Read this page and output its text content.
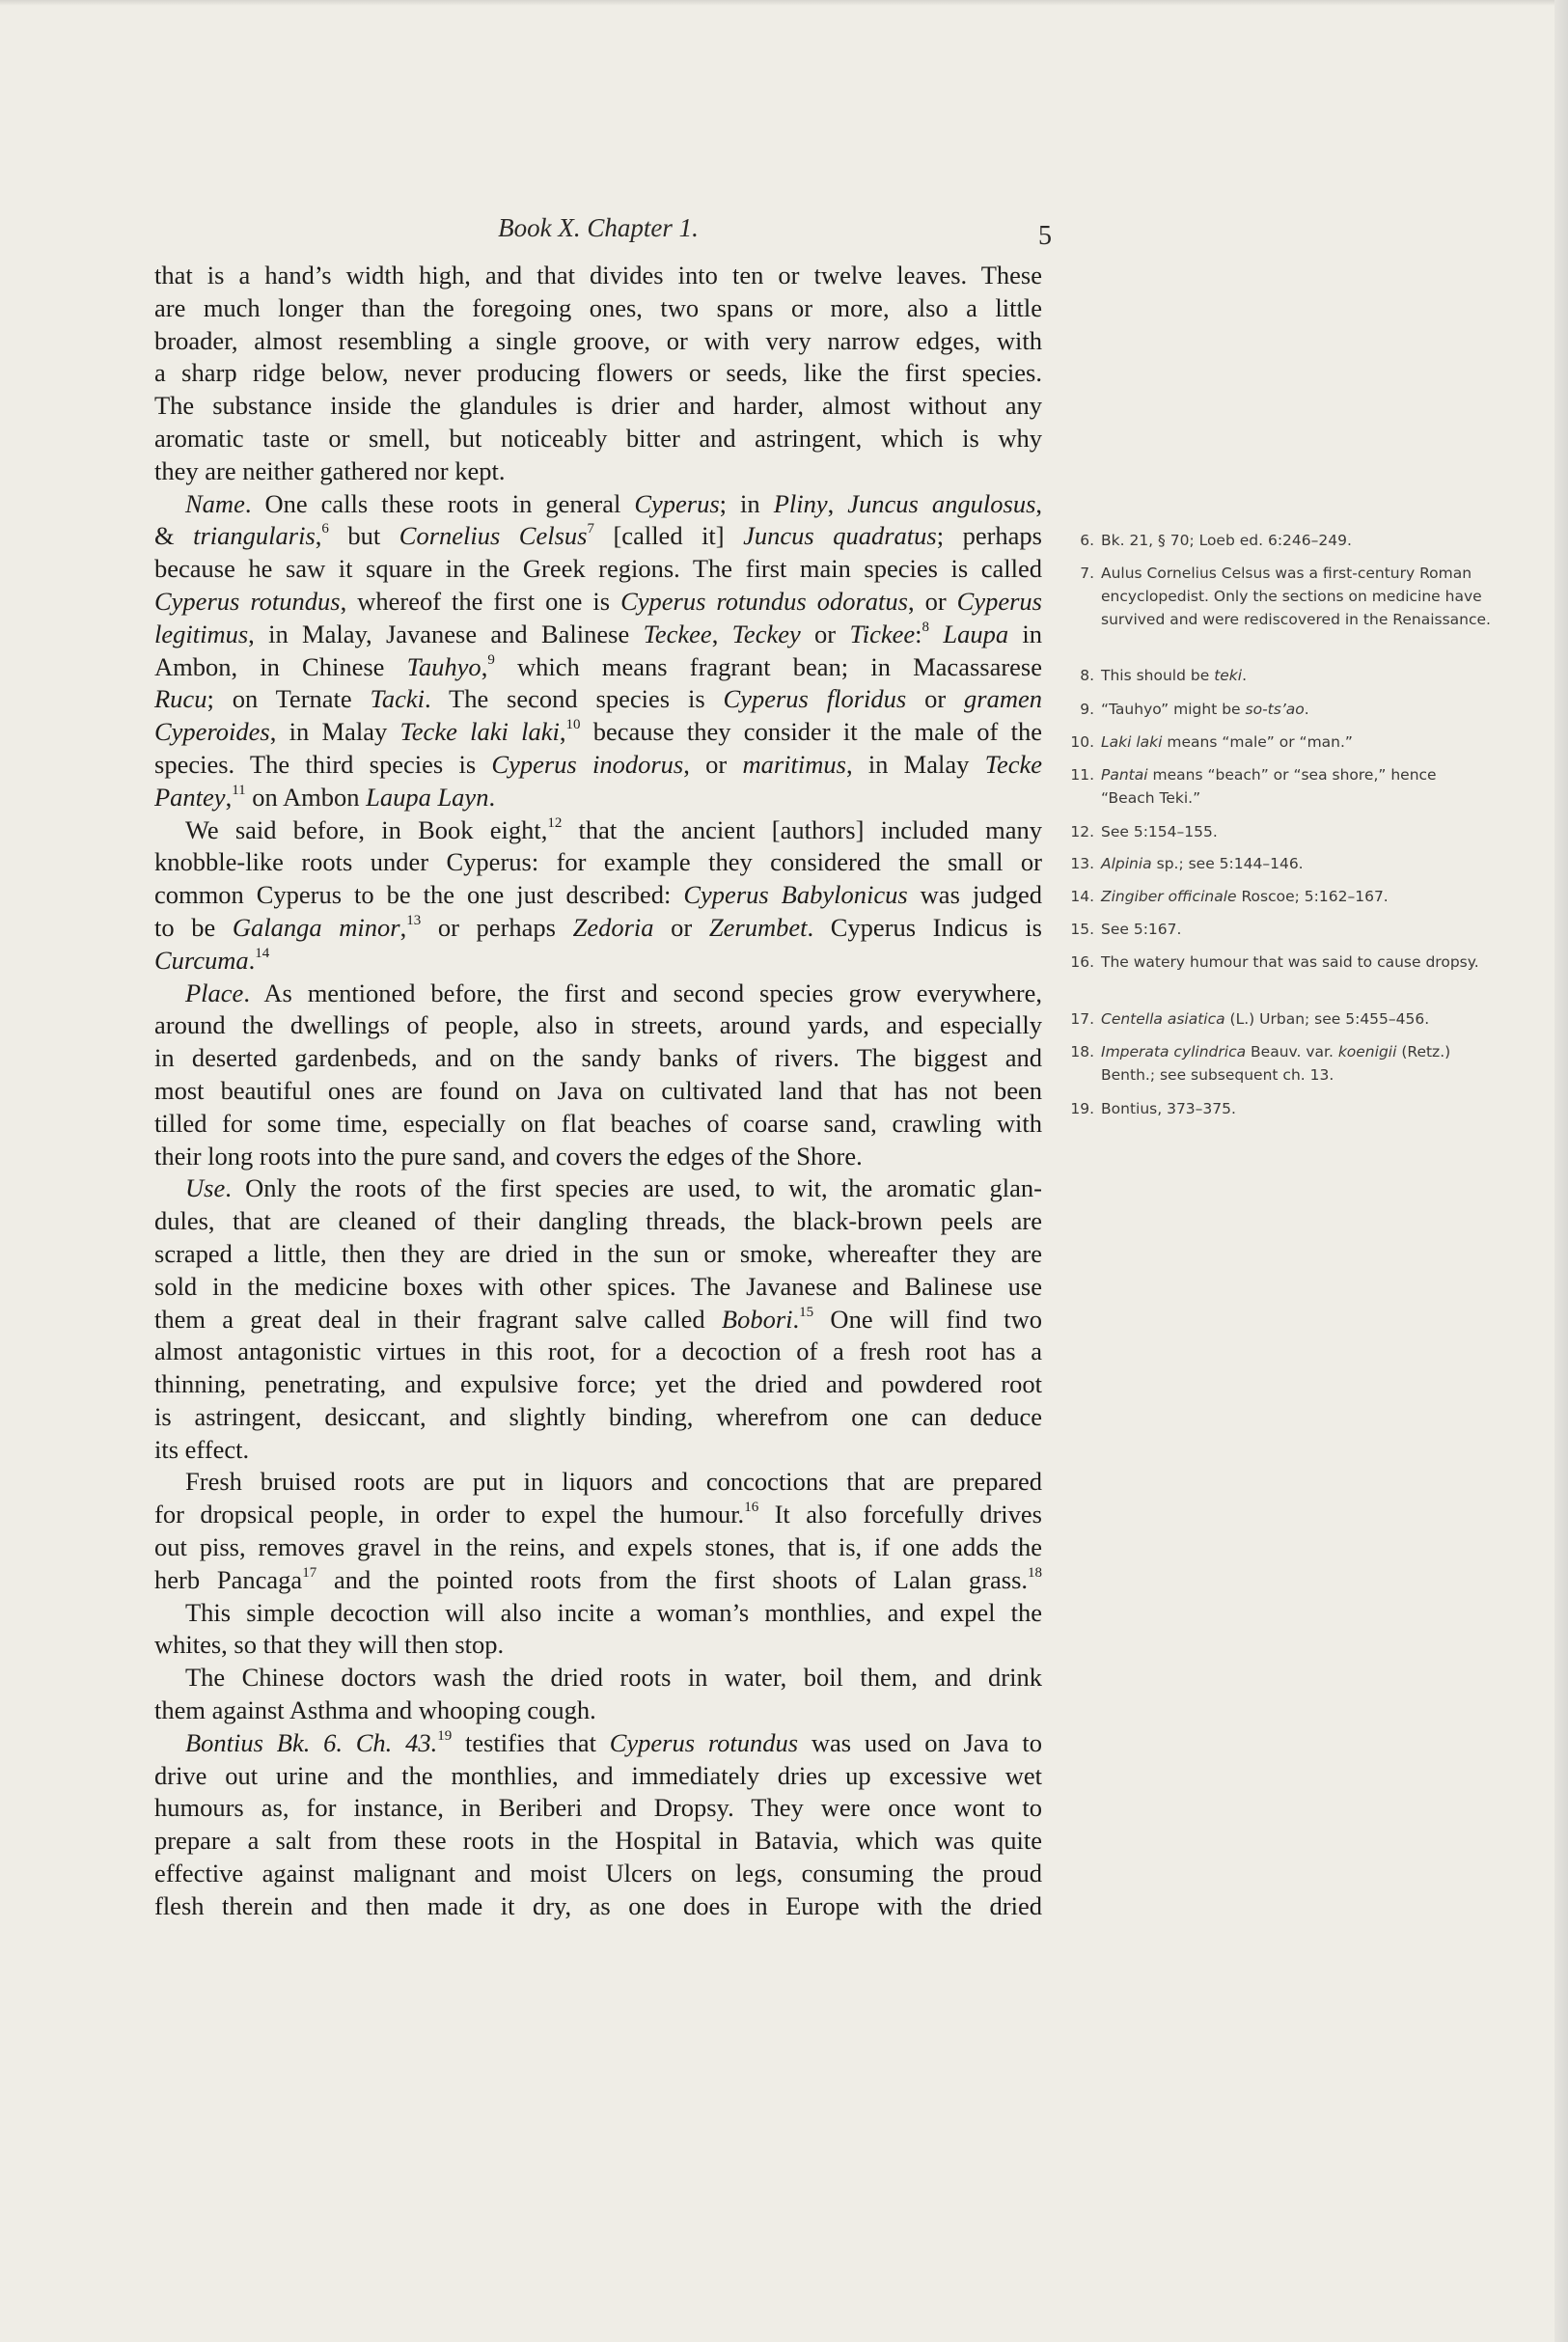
Book X. Chapter 1.	5
that is a hand’s width high, and that divides into ten or twelve leaves. These
are much longer than the foregoing ones, two spans or more, also a little
broader, almost resembling a single groove, or with very narrow edges, with
a sharp ridge below, never producing flowers or seeds, like the first species.
The substance inside the glandules is drier and harder, almost without any
aromatic taste or smell, but noticeably bitter and astringent, which is why
they are neither gathered nor kept.
Name. One calls these roots in general Cyperus; in Pliny, Juncus angulosus,
& triangularis,$^6$ but Cornelius Celsus$^7$ [called it] Juncus quadratus; perhaps
because he saw it square in the Greek regions. The first main species is called
Cyperus rotundus, whereof the first one is Cyperus rotundus odoratus, or Cyperus
legitimus, in Malay, Javanese and Balinese Teckee, Teckey or Tickee:$^8$ Laupa in
Ambon, in Chinese Tauhyo,$^9$ which means fragrant bean; in Macassarese
Rucu; on Ternate Tacki. The second species is Cyperus floridus or gramen
Cyperoides, in Malay Tecke laki laki,$^{10}$ because they consider it the male of the
species. The third species is Cyperus inodorus, or maritimus, in Malay Tecke
Pantey,$^{11}$ on Ambon Laupa Layn.
We said before, in Book eight,$^{12}$ that the ancient [authors] included many
knobble-like roots under Cyperus: for example they considered the small or
common Cyperus to be the one just described: Cyperus Babylonicus was judged
to be Galanga minor,$^{13}$ or perhaps Zedoria or Zerumbet. Cyperus Indicus is
Curcuma.$^{14}$
Place. As mentioned before, the first and second species grow everywhere,
around the dwellings of people, also in streets, around yards, and especially
in deserted gardenbeds, and on the sandy banks of rivers. The biggest and
most beautiful ones are found on Java on cultivated land that has not been
tilled for some time, especially on flat beaches of coarse sand, crawling with
their long roots into the pure sand, and covers the edges of the Shore.
Use. Only the roots of the first species are used, to wit, the aromatic glan-
dules, that are cleaned of their dangling threads, the black-brown peels are
scraped a little, then they are dried in the sun or smoke, whereafter they are
sold in the medicine boxes with other spices. The Javanese and Balinese use
them a great deal in their fragrant salve called Bobori.$^{15}$ One will find two
almost antagonistic virtues in this root, for a decoction of a fresh root has a
thinning, penetrating, and expulsive force; yet the dried and powdered root
is astringent, desiccant, and slightly binding, wherefrom one can deduce
its effect.
Fresh bruised roots are put in liquors and concoctions that are prepared
for dropsical people, in order to expel the humour.$^{16}$ It also forcefully drives
out piss, removes gravel in the reins, and expels stones, that is, if one adds the
herb Pancaga$^{17}$ and the pointed roots from the first shoots of Lalan grass.$^{18}$
This simple decoction will also incite a woman’s monthlies, and expel the
whites, so that they will then stop.
The Chinese doctors wash the dried roots in water, boil them, and drink
them against Asthma and whooping cough.
Bontius Bk. 6. Ch. 43.19 testifies that Cyperus rotundus was used on Java to
drive out urine and the monthlies, and immediately dries up excessive wet
humours as, for instance, in Beriberi and Dropsy. They were once wont to
prepare a salt from these roots in the Hospital in Batavia, which was quite
effective against malignant and moist Ulcers on legs, consuming the proud
flesh therein and then made it dry, as one does in Europe with the dried
6. Bk. 21, § 70; Loeb ed. 6:246–249.
7. Aulus Cornelius Celsus was a first-century Roman encyclopedist. Only the sections on medicine have survived and were rediscovered in the Renaissance.
8. This should be teki.
9. “Tauhyo” might be so-ts’ao.
10. Laki laki means “male” or “man.”
11. Pantai means “beach” or “sea shore,” hence “Beach Teki.”
12. See 5:154–155.
13. Alpinia sp.; see 5:144–146.
14. Zingiber officinale Roscoe; 5:162–167.
15. See 5:167.
16. The watery humour that was said to cause dropsy.
17. Centella asiatica (L.) Urban; see 5:455–456.
18. Imperata cylindrica Beauv. var. koenigii (Retz.) Benth.; see subsequent ch. 13.
19. Bontius, 373–375.
